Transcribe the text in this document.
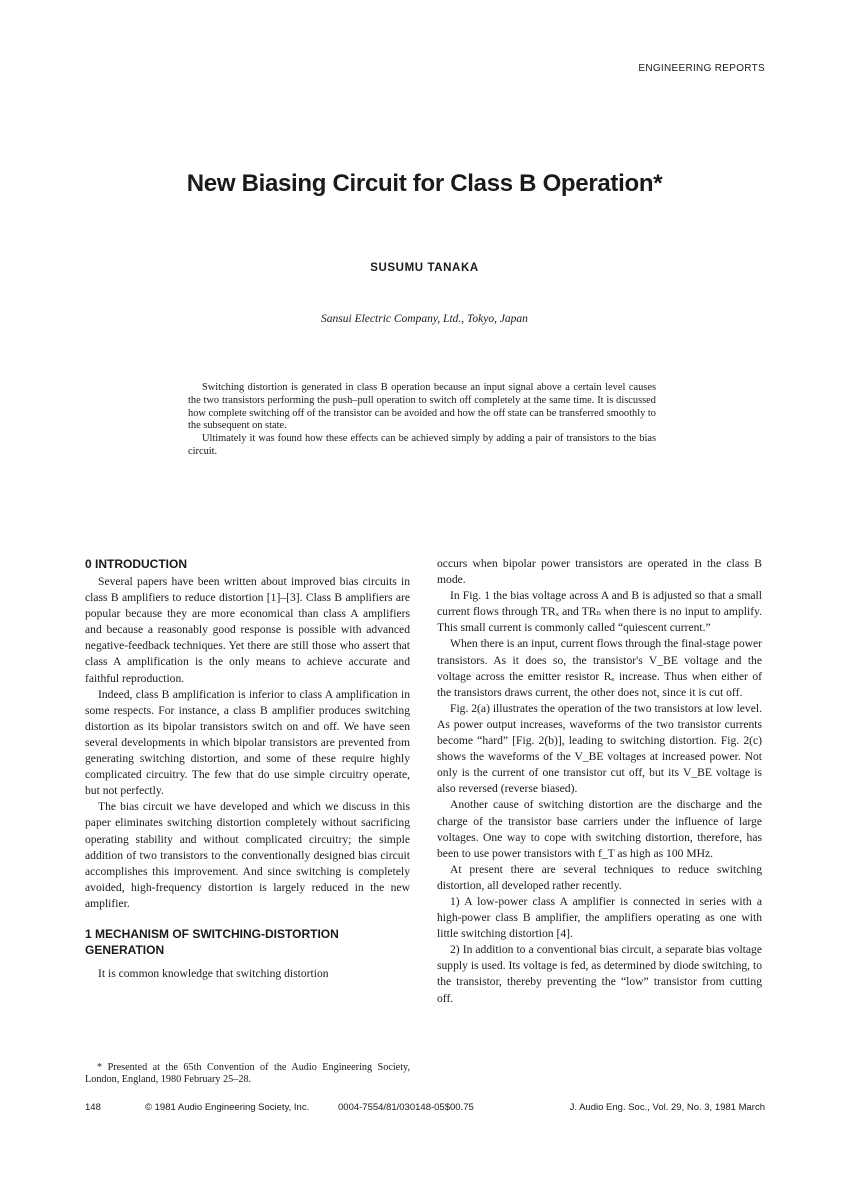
ENGINEERING REPORTS
New Biasing Circuit for Class B Operation*
SUSUMU TANAKA
Sansui Electric Company, Ltd., Tokyo, Japan

Switching distortion is generated in class B operation because an input signal above a certain level causes the two transistors performing the push–pull operation to switch off completely at the same time. It is discussed how complete switching off of the transistor can be avoided and how the off state can be transferred smoothly to the subsequent on state.

Ultimately it was found how these effects can be achieved simply by adding a pair of transistors to the bias circuit.

0 INTRODUCTION

Several papers have been written about improved bias circuits in class B amplifiers to reduce distortion [1]–[3]. Class B amplifiers are popular because they are more economical than class A amplifiers and because a reasonably good response is possible with advanced negative-feedback techniques. Yet there are still those who assert that class A amplification is the only means to achieve accurate and faithful reproduction.

Indeed, class B amplification is inferior to class A amplification in some respects. For instance, a class B amplifier produces switching distortion as its bipolar transistors switch on and off. We have seen several developments in which bipolar transistors are prevented from generating switching distortion, and some of these require highly complicated circuitry. The few that do use simple circuitry operate, but not perfectly.

The bias circuit we have developed and which we discuss in this paper eliminates switching distortion completely without sacrificing operating stability and without complicated circuitry; the simple addition of two transistors to the conventionally designed bias circuit accomplishes this improvement. And since switching is completely avoided, high-frequency distortion is largely reduced in the new amplifier.

1 MECHANISM OF SWITCHING-DISTORTION GENERATION

It is common knowledge that switching distortion

occurs when bipolar power transistors are operated in the class B mode.

In Fig. 1 the bias voltage across A and B is adjusted so that a small current flows through TRₓ and TRₙ when there is no input to amplify. This small current is commonly called “quiescent current.”

When there is an input, current flows through the final-stage power transistors. As it does so, the transistor's V_BE voltage and the voltage across the emitter resistor Rₑ increase. Thus when either of the transistors draws current, the other does not, since it is cut off.

Fig. 2(a) illustrates the operation of the two transistors at low level. As power output increases, waveforms of the two transistor currents become “hard” [Fig. 2(b)], leading to switching distortion. Fig. 2(c) shows the waveforms of the V_BE voltages at increased power. Not only is the current of one transistor cut off, but its V_BE voltage is also reversed (reverse biased).

Another cause of switching distortion are the discharge and the charge of the transistor base carriers under the influence of large voltages. One way to cope with switching distortion, therefore, has been to use power transistors with f_T as high as 100 MHz.

At present there are several techniques to reduce switching distortion, all developed rather recently.

1) A low-power class A amplifier is connected in series with a high-power class B amplifier, the amplifiers operating as one with little switching distortion [4].

2) In addition to a conventional bias circuit, a separate bias voltage supply is used. Its voltage is fed, as determined by diode switching, to the transistor, thereby preventing the “low” transistor from cutting off.

* Presented at the 65th Convention of the Audio Engineering Society, London, England, 1980 February 25–28.

148	© 1981 Audio Engineering Society, Inc.	0004-7554/81/030148-05$00.75	J. Audio Eng. Soc., Vol. 29, No. 3, 1981 March
